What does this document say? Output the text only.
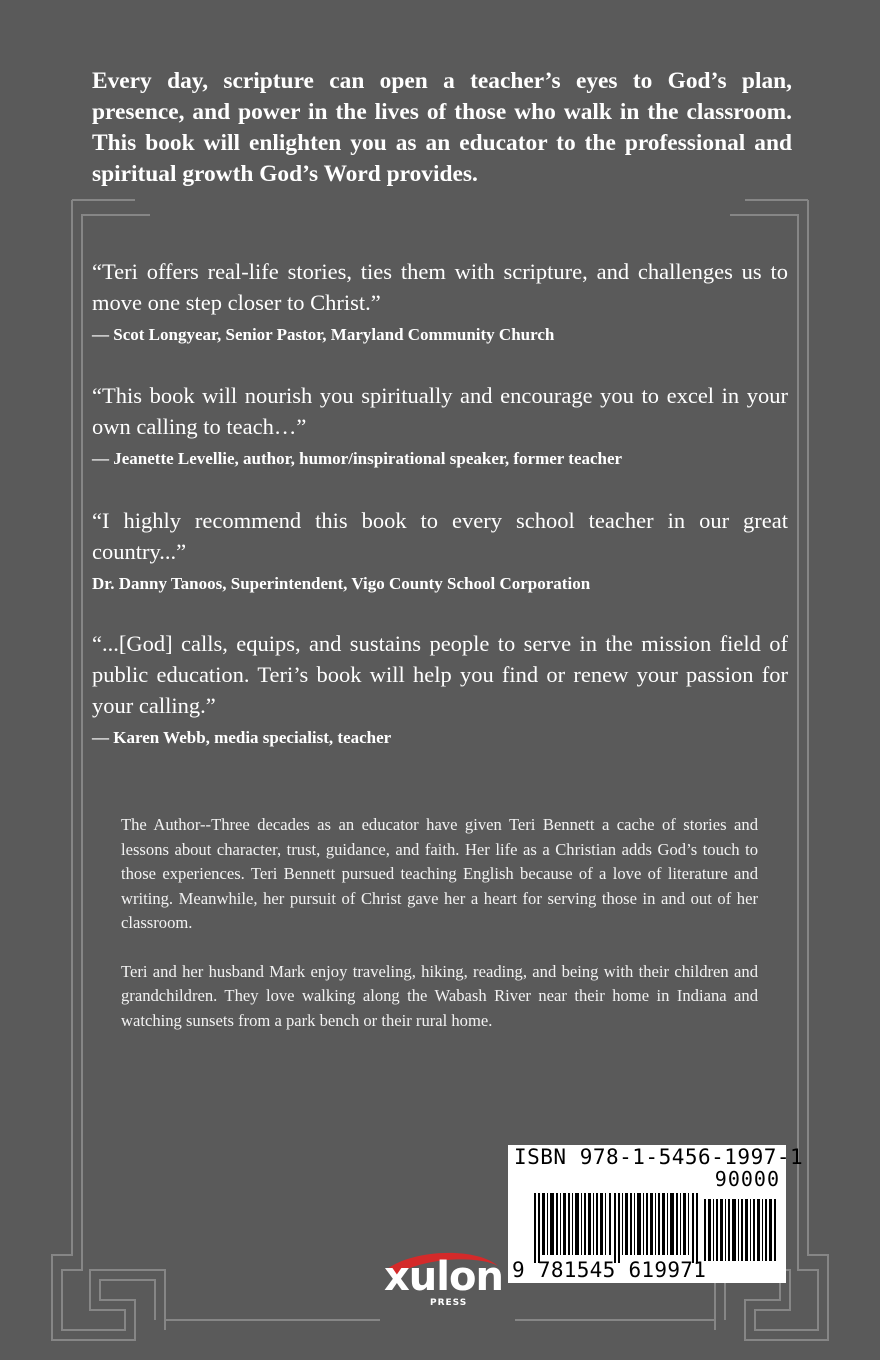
Every day, scripture can open a teacher’s eyes to God’s plan, presence, and power in the lives of those who walk in the classroom. This book will enlighten you as an educator to the professional and spiritual growth God’s Word provides.

“Teri offers real-life stories, ties them with scripture, and challenges us to move one step closer to Christ.”

— Scot Longyear, Senior Pastor, Maryland Community Church

“This book will nourish you spiritually and encourage you to excel in your own calling to teach…”

— Jeanette Levellie, author, humor/inspirational speaker, former teacher

“I highly recommend this book to every school teacher in our great country...”

Dr. Danny Tanoos, Superintendent, Vigo County School Corporation

“...[God] calls, equips, and sustains people to serve in the mission field of public education. Teri’s book will help you find or renew your passion for your calling.”

— Karen Webb, media specialist, teacher

The Author--Three decades as an educator have given Teri Bennett a cache of stories and lessons about character, trust, guidance, and faith. Her life as a Christian adds God’s touch to those experiences. Teri Bennett pursued teaching English because of a love of literature and writing. Meanwhile, her pursuit of Christ gave her a heart for serving those in and out of her classroom.

Teri and her husband Mark enjoy traveling, hiking, reading, and being with their children and grandchildren. They love walking along the Wabash River near their home in Indiana and watching sunsets from a park bench or their rural home.

xulon
PRESS
ISBN 978-1-5456-1997-1
90000
9 781545 619971
